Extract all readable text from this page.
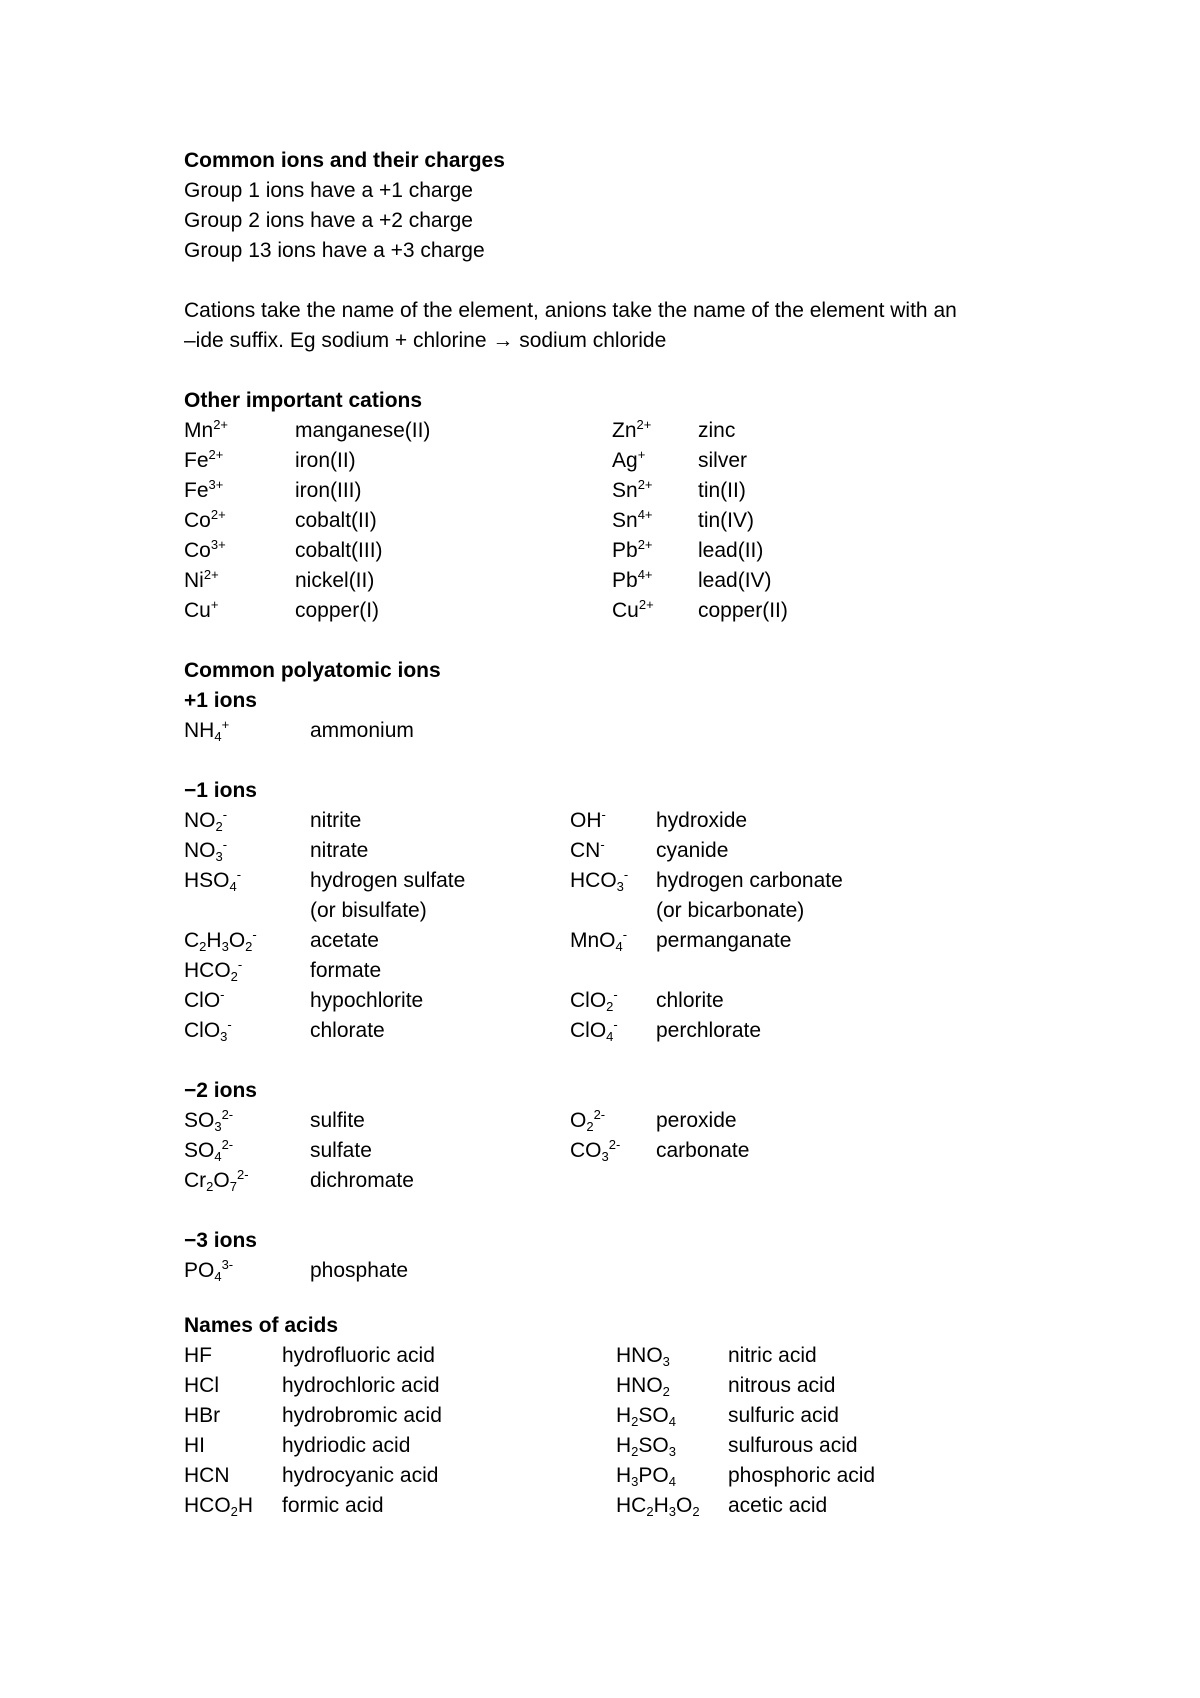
Common ions and their charges
Group 1 ions have a +1 charge
Group 2 ions have a +2 charge
Group 13 ions have a +3 charge
Cations take the name of the element, anions take the name of the element with an
–ide suffix. Eg sodium + chlorine → sodium chloride
Other important cations
$Mn^{2+}$	manganese(II)	$Zn^{2+}$ zinc
$Fe^{2+}$	iron(II)	Ag+	silver
$Fe^{3+}$	iron(III)	$Sn^{2+}$ tin(II)
$Co^{2+}$	cobalt(II)	$Sn^{4+}$ tin(IV)
$Co^{3+}$	cobalt(III)	$Pb^{2+}$ lead(II)
$Ni^{2+}$	nickel(II)	$Pb^{4+}$ lead(IV)
Cu+	copper(I)	$Cu^{2+}$ copper(II)
Common polyatomic ions
+1 ions
$NH_4^+$	ammonium
−1 ions
$NO_2^-$	nitrite	OH- hydroxide
$NO_3^-$	nitrate	CN- cyanide
$HSO_4^-$	hydrogen sulfate	$HCO_3^-$ hydrogen carbonate
(or bisulfate)	(or bicarbonate)
$C_2H_3O_2^-$	acetate	MnO$_4$- permanganate
$HCO_2^-$	formate
ClO-	hypochlorite	ClO$_2$- chlorite
ClO$_3$-	chlorate	ClO$_4$- perchlorate
−2 ions
$SO_3^{2-}$	sulfite	$O_2^{2-}$ peroxide
$SO_4^{2-}$	sulfate	$CO_3^{2-}$ carbonate
$Cr_2O_7^{2-}$	dichromate
−3 ions
$PO_4^{3-}$	phosphate
Names of acids
HF	hydrofluoric acid	$HNO_3$	nitric acid
HCl	hydrochloric acid	$HNO_2$	nitrous acid
HBr	hydrobromic acid	$H_2SO_4$ sulfuric acid
HI	hydriodic acid	$H_2SO_3$ sulfurous acid
HCN	hydrocyanic acid	$H_3PO_4$ phosphoric acid
$HCO_2H$ formic acid	$HC_2H_3O_2$ acetic acid
